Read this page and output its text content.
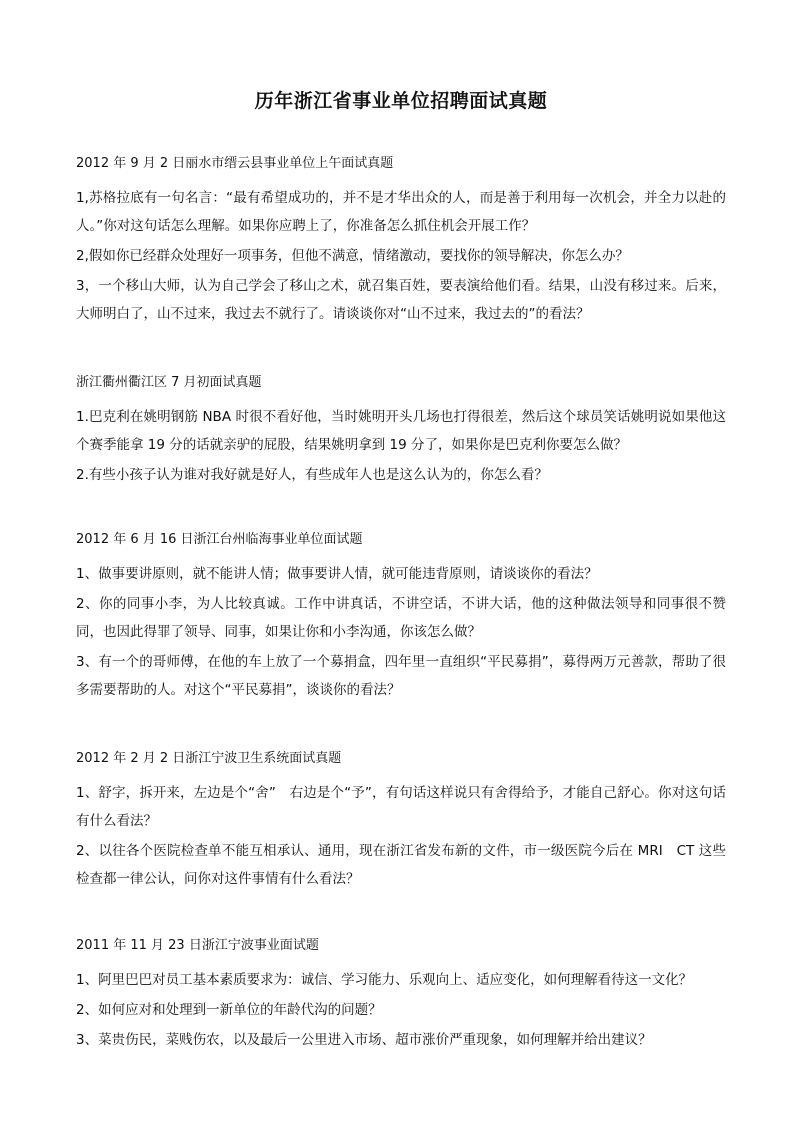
历年浙江省事业单位招聘面试真题

2012 年 9 月 2 日丽水市缙云县事业单位上午面试真题

1,苏格拉底有一句名言：“最有希望成功的，并不是才华出众的人，而是善于利用每一次机会，并全力以赴的人。”你对这句话怎么理解。如果你应聘上了，你准备怎么抓住机会开展工作？

2,假如你已经群众处理好一项事务，但他不满意，情绪激动，要找你的领导解决，你怎么办？

3，一个移山大师，认为自己学会了移山之术，就召集百姓，要表演给他们看。结果，山没有移过来。后来，大师明白了，山不过来，我过去不就行了。请谈谈你对“山不过来，我过去的”的看法？

浙江衢州衢江区 7 月初面试真题

1.巴克利在姚明钢筋 NBA 时很不看好他，当时姚明开头几场也打得很差，然后这个球员笑话姚明说如果他这个赛季能拿 19 分的话就亲驴的屁股，结果姚明拿到 19 分了，如果你是巴克利你要怎么做？

2.有些小孩子认为谁对我好就是好人，有些成年人也是这么认为的，你怎么看？

2012 年 6 月 16 日浙江台州临海事业单位面试题

1、做事要讲原则，就不能讲人情；做事要讲人情，就可能违背原则，请谈谈你的看法？

2、你的同事小李，为人比较真诚。工作中讲真话，不讲空话，不讲大话，他的这种做法领导和同事很不赞同，也因此得罪了领导、同事，如果让你和小李沟通，你该怎么做？

3、有一个的哥师傅，在他的车上放了一个募捐盒，四年里一直组织“平民募捐”，募得两万元善款，帮助了很多需要帮助的人。对这个“平民募捐”，谈谈你的看法？

2012 年 2 月 2 日浙江宁波卫生系统面试真题

1、舒字，拆开来，左边是个“舍”　右边是个“予”，有句话这样说只有舍得给予，才能自己舒心。你对这句话有什么看法？

2、以往各个医院检查单不能互相承认、通用，现在浙江省发布新的文件，市一级医院今后在 MRI　CT 这些检查都一律公认，问你对这件事情有什么看法？

2011 年 11 月 23 日浙江宁波事业面试题

1、阿里巴巴对员工基本素质要求为：诚信、学习能力、乐观向上、适应变化，如何理解看待这一文化？

2、如何应对和处理到一新单位的年龄代沟的问题？

3、菜贵伤民，菜贱伤农，以及最后一公里进入市场、超市涨价严重现象，如何理解并给出建议？
